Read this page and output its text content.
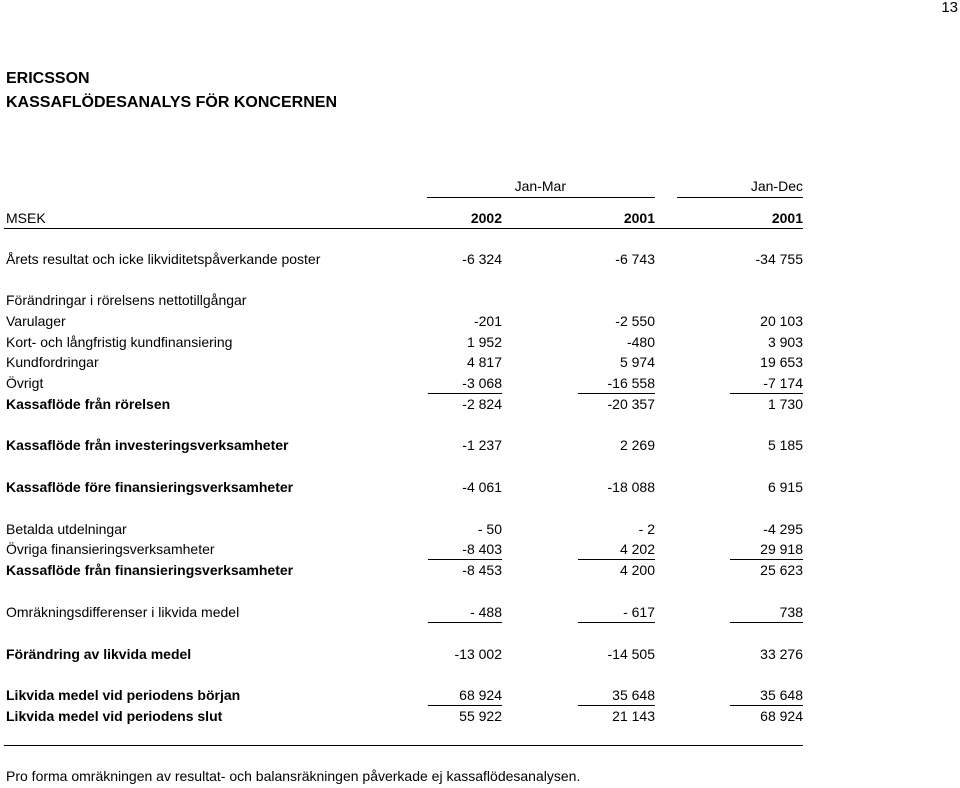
13
ERICSSON
KASSAFLÖDESANALYS FÖR KONCERNEN
Jan-Mar	Jan-Dec
MSEK	2002	2001	2001
Årets resultat och icke likviditetspåverkande poster	-6 324	-6 743	-34 755
Förändringar i rörelsens nettotillgångar
Varulager	-201	-2 550	20 103
Kort- och långfristig kundfinansiering	1 952	-480	3 903
Kundfordringar	4 817	5 974	19 653
Övrigt	-3 068	-16 558	-7 174
Kassaflöde från rörelsen	-2 824	-20 357	1 730
Kassaflöde från investeringsverksamheter	-1 237	2 269	5 185
Kassaflöde före finansieringsverksamheter	-4 061	-18 088	6 915
Betalda utdelningar	- 50	- 2	-4 295
Övriga finansieringsverksamheter	-8 403	4 202	29 918
Kassaflöde från finansieringsverksamheter	-8 453	4 200	25 623
Omräkningsdifferenser i likvida medel	- 488	- 617	738
Förändring av likvida medel	-13 002	-14 505	33 276
Likvida medel vid periodens början	68 924	35 648	35 648
Likvida medel vid periodens slut	55 922	21 143	68 924
Pro forma omräkningen av resultat- och balansräkningen påverkade ej kassaflödesanalysen.
